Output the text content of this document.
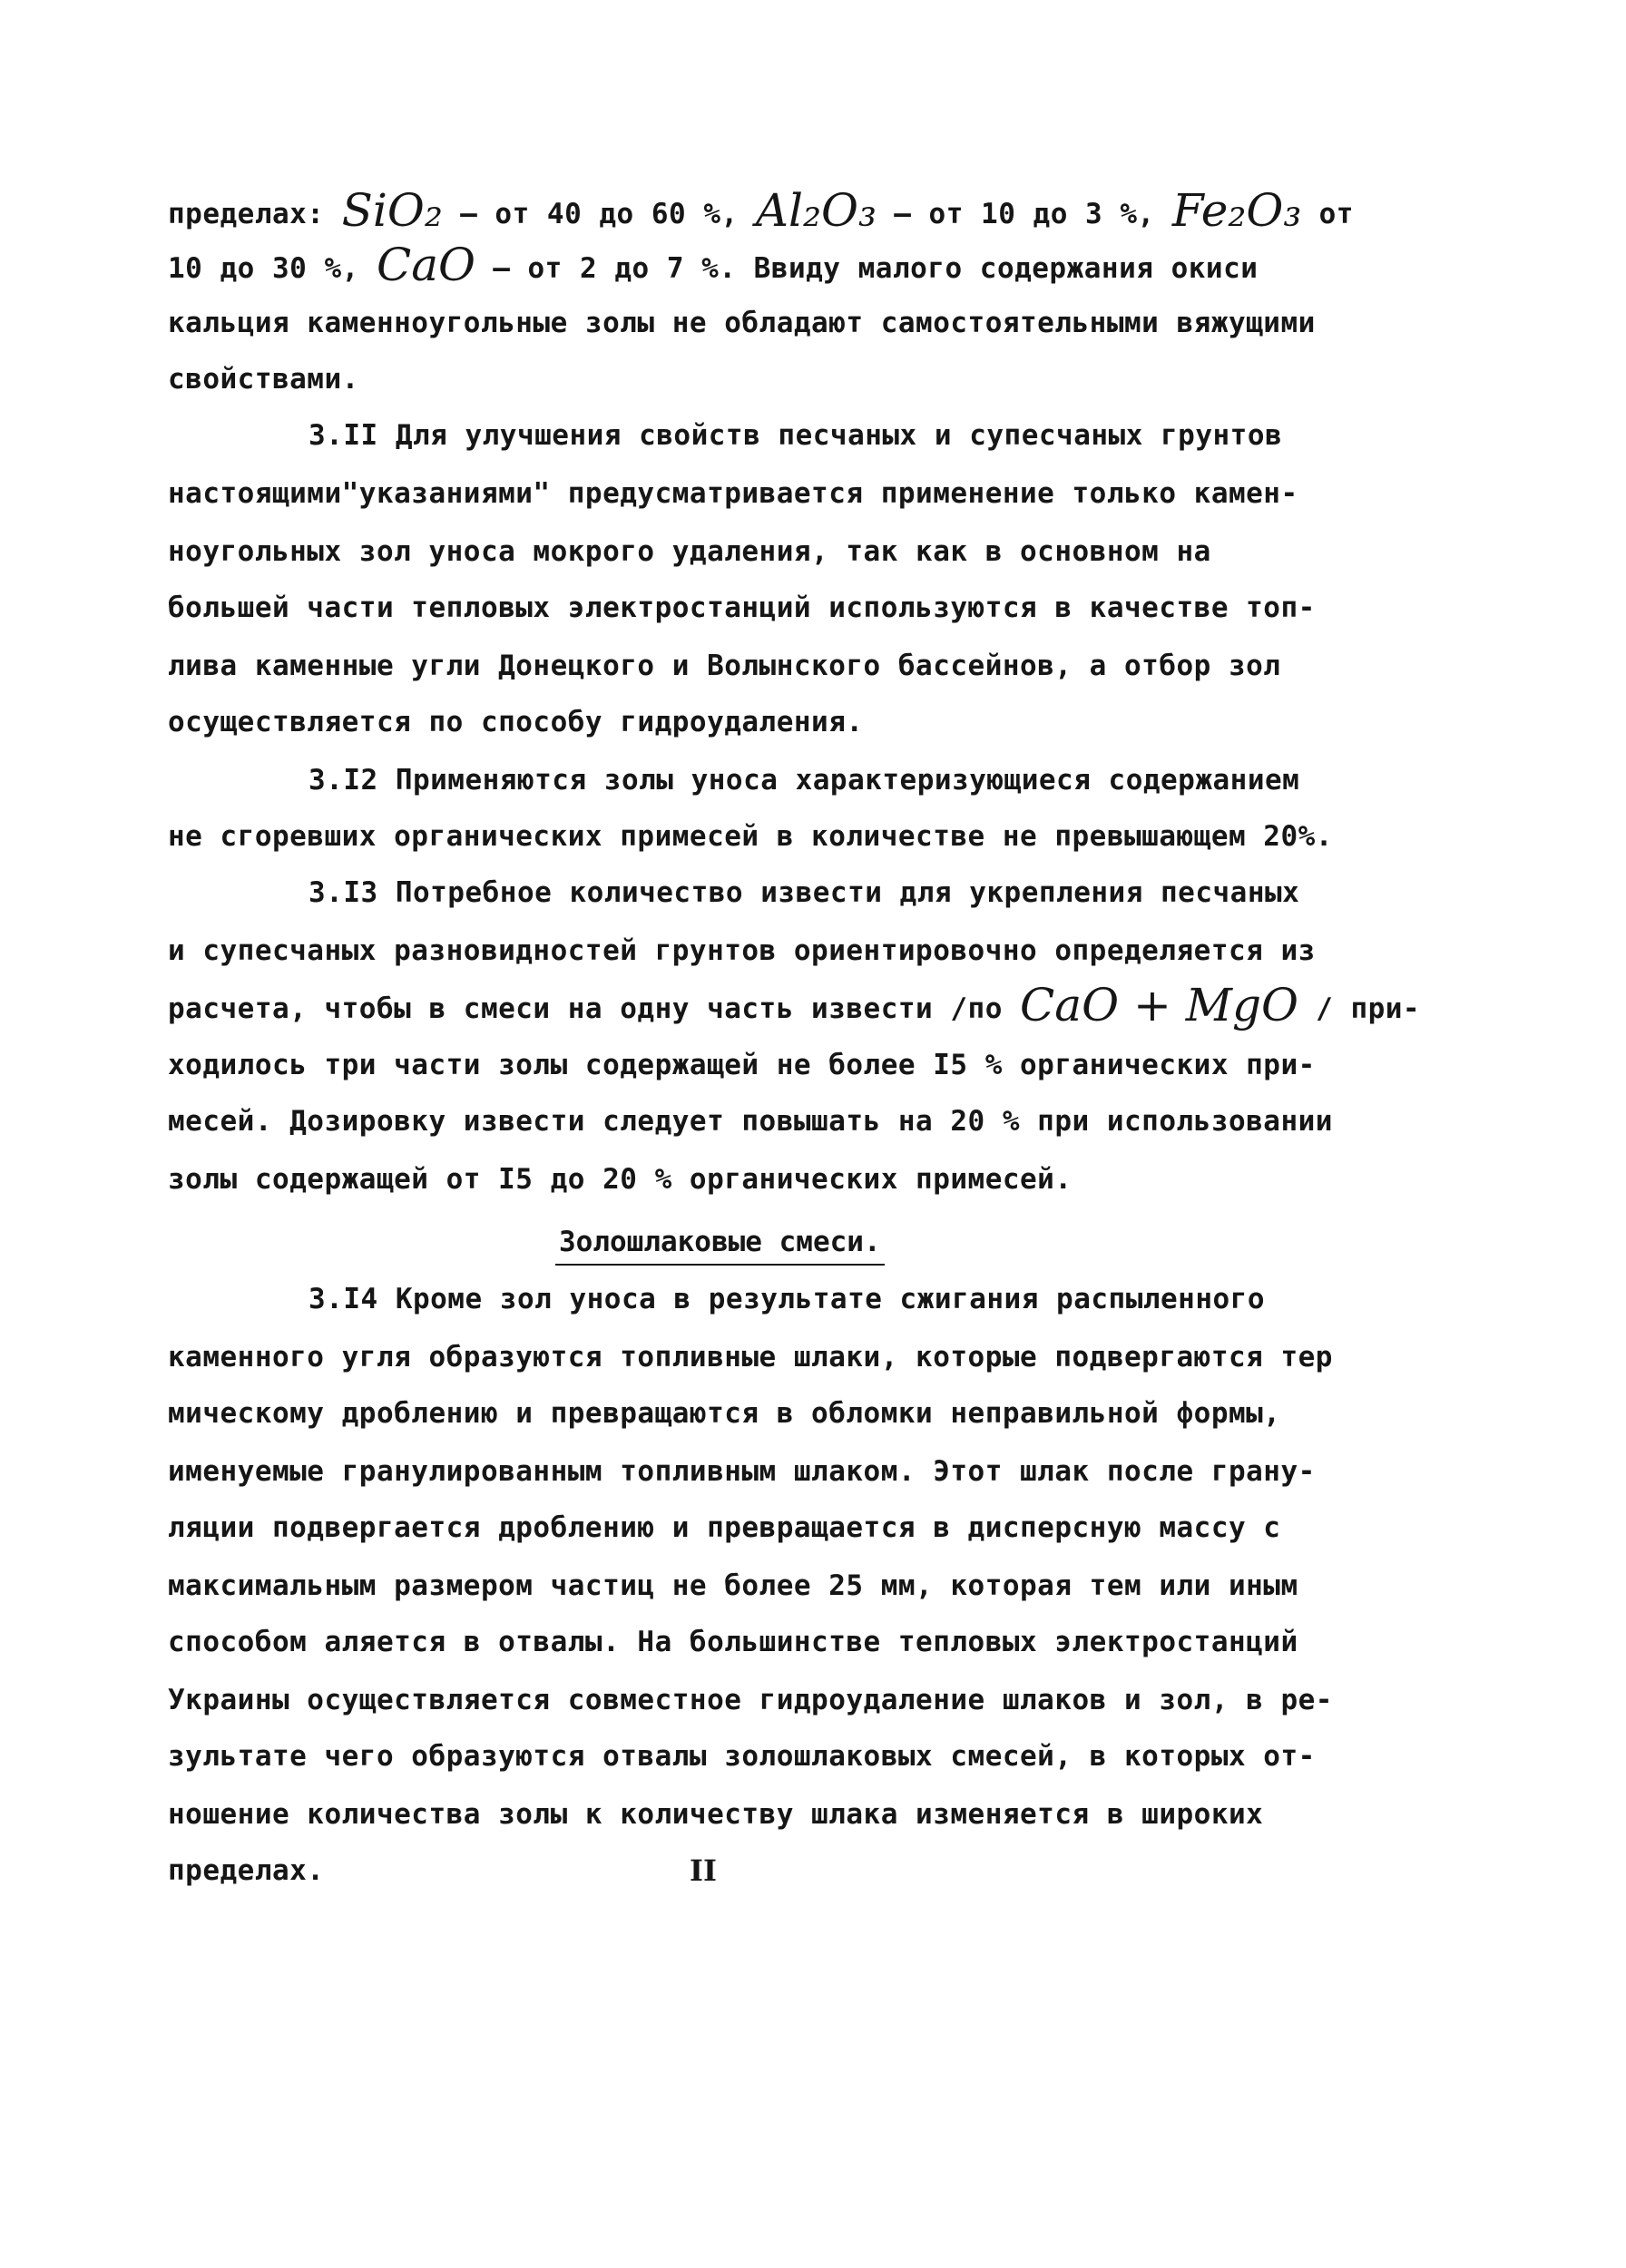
пределах: SiO₂ – от 40 до 60 %, Al₂O₃ – от 10 до 3 %, Fe₂O₃ от
10 до 30 %, CaO – от 2 до 7 %. Ввиду малого содержания окиси
кальция каменноугольные золы не обладают самостоятельными вяжущими
свойствами.
3.II Для улучшения свойств песчаных и супесчаных грунтов
настоящими"указаниями" предусматривается применение только камен-
ноугольных зол уноса мокрого удаления, так как в основном на
большей части тепловых электростанций используются в качестве топ-
лива каменные угли Донецкого и Волынского бассейнов, а отбор зол
осуществляется по способу гидроудаления.
3.I2 Применяются золы уноса характеризующиеся содержанием
не сгоревших органических примесей в количестве не превышающем 20%.
3.I3 Потребное количество извести для укрепления песчаных
и супесчаных разновидностей грунтов ориентировочно определяется из
расчета, чтобы в смеси на одну часть извести /по CaO + MgO / при-
ходилось три части золы содержащей не более I5 % органических при-
месей. Дозировку извести следует повышать на 20 % при использовании
золы содержащей от I5 до 20 % органических примесей.
Золошлаковые смеси.
3.I4 Кроме зол уноса в результате сжигания распыленного
каменного угля образуются топливные шлаки, которые подвергаются тер
мическому дроблению и превращаются в обломки неправильной формы,
именуемые гранулированным топливным шлаком. Этот шлак после грану-
ляции подвергается дроблению и превращается в дисперсную массу с
максимальным размером частиц не более 25 мм, которая тем или иным
способом аляется в отвалы. На большинстве тепловых электростанций
Украины осуществляется совместное гидроудаление шлаков и зол, в ре-
зультате чего образуются отвалы золошлаковых смесей, в которых от-
ношение количества золы к количеству шлака изменяется в широких
пределах.	II
